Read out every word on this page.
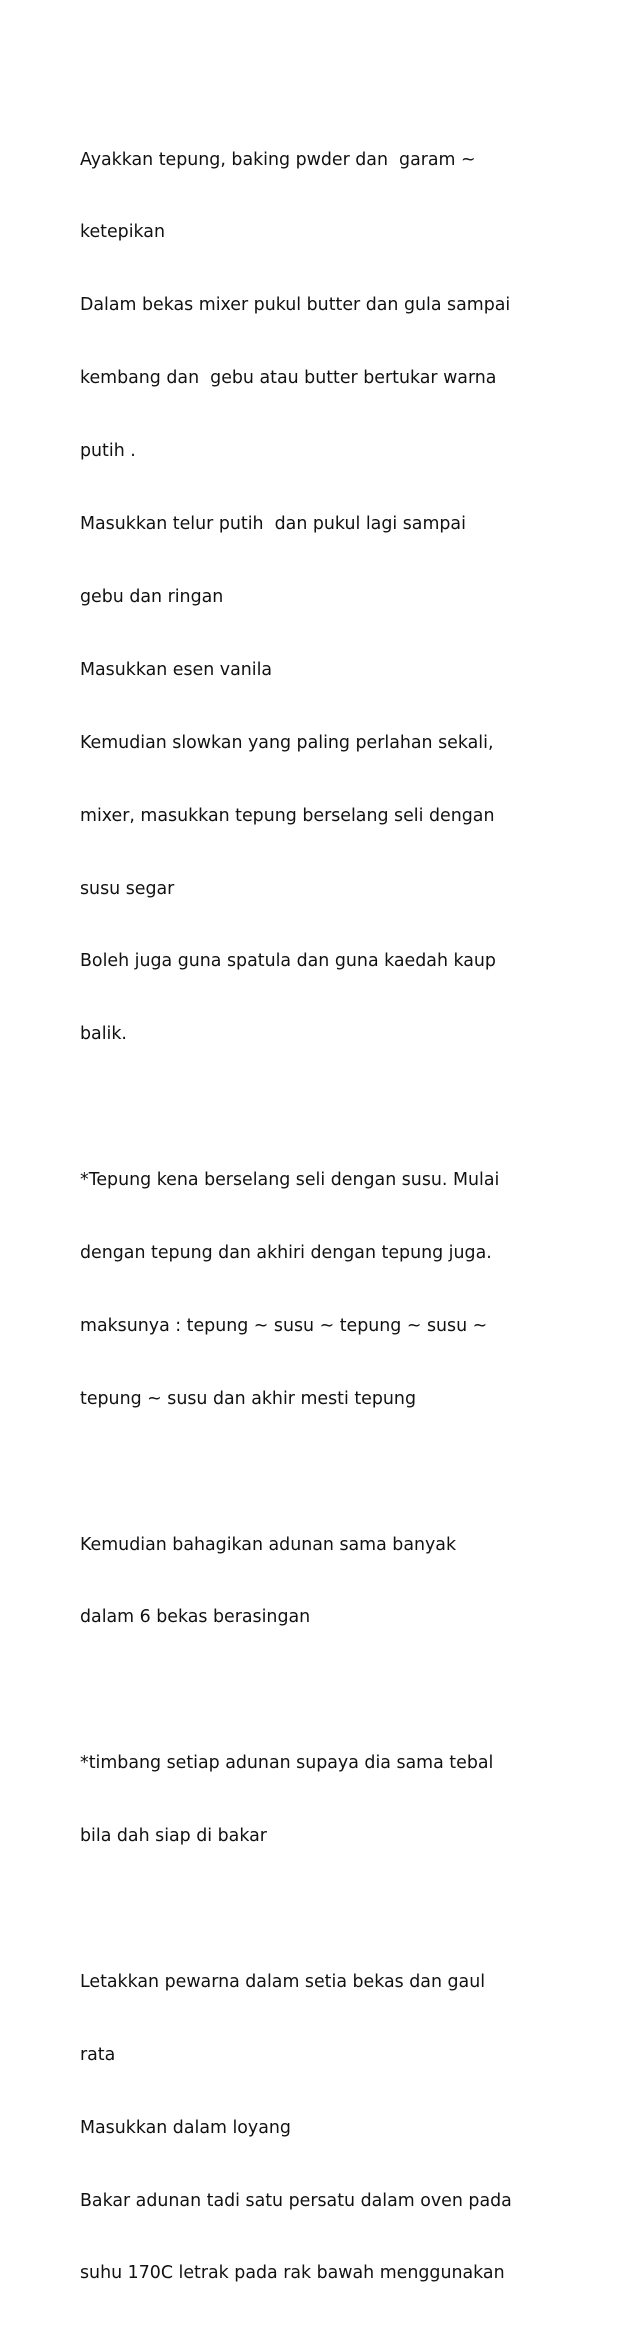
Ayakkan tepung, baking pwder dan  garam ~

ketepikan

Dalam bekas mixer pukul butter dan gula sampai

kembang dan  gebu atau butter bertukar warna

putih .

Masukkan telur putih  dan pukul lagi sampai

gebu dan ringan

Masukkan esen vanila

Kemudian slowkan yang paling perlahan sekali,

mixer, masukkan tepung berselang seli dengan

susu segar

Boleh juga guna spatula dan guna kaedah kaup

balik.

*Tepung kena berselang seli dengan susu. Mulai

dengan tepung dan akhiri dengan tepung juga.

maksunya : tepung ~ susu ~ tepung ~ susu ~

tepung ~ susu dan akhir mesti tepung

Kemudian bahagikan adunan sama banyak

dalam 6 bekas berasingan

*timbang setiap adunan supaya dia sama tebal

bila dah siap di bakar

Letakkan pewarna dalam setia bekas dan gaul

rata

Masukkan dalam loyang

Bakar adunan tadi satu persatu dalam oven pada

suhu 170C letrak pada rak bawah menggunakan
